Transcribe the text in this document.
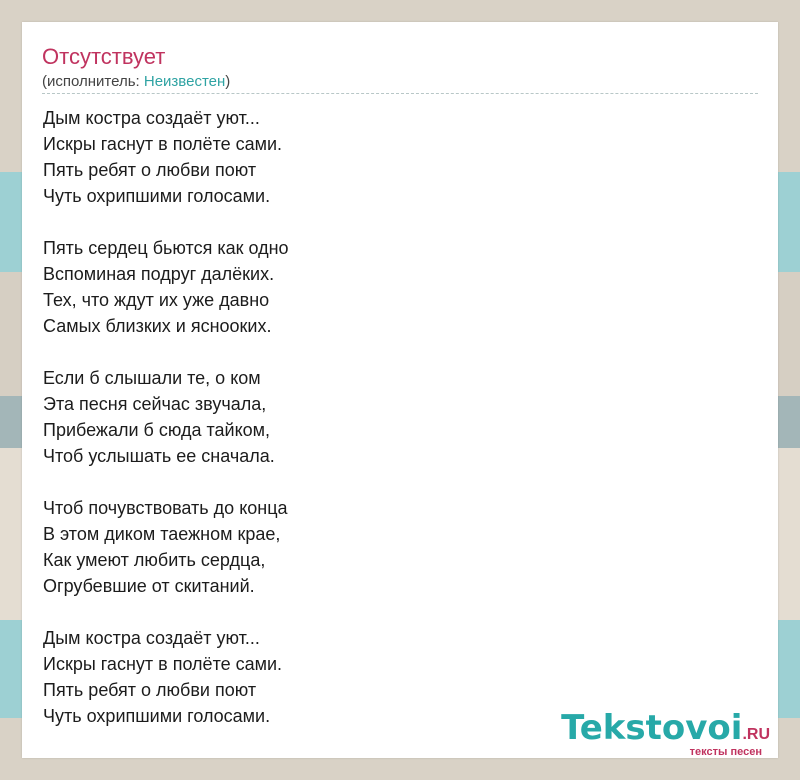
Отсутствует
(исполнитель: Неизвестен)
Дым костра создаёт уют...
Искры гаснут в полёте сами.
Пять ребят о любви поют
Чуть охрипшими голосами.
Пять сердец бьются как одно
Вспоминая подруг далёких.
Тех, что ждут их уже давно
Самых близких и яснооких.
Если б слышали те, о ком
Эта песня сейчас звучала,
Прибежали б сюда тайком,
Чтоб услышать ее сначала.
Чтоб почувствовать до конца
В этом диком таежном крае,
Как умеют любить сердца,
Огрубевшие от скитаний.
Дым костра создаёт уют...
Искры гаснут в полёте сами.
Пять ребят о любви поют
Чуть охрипшими голосами.	Tekstovoi.RU
тексты песен
